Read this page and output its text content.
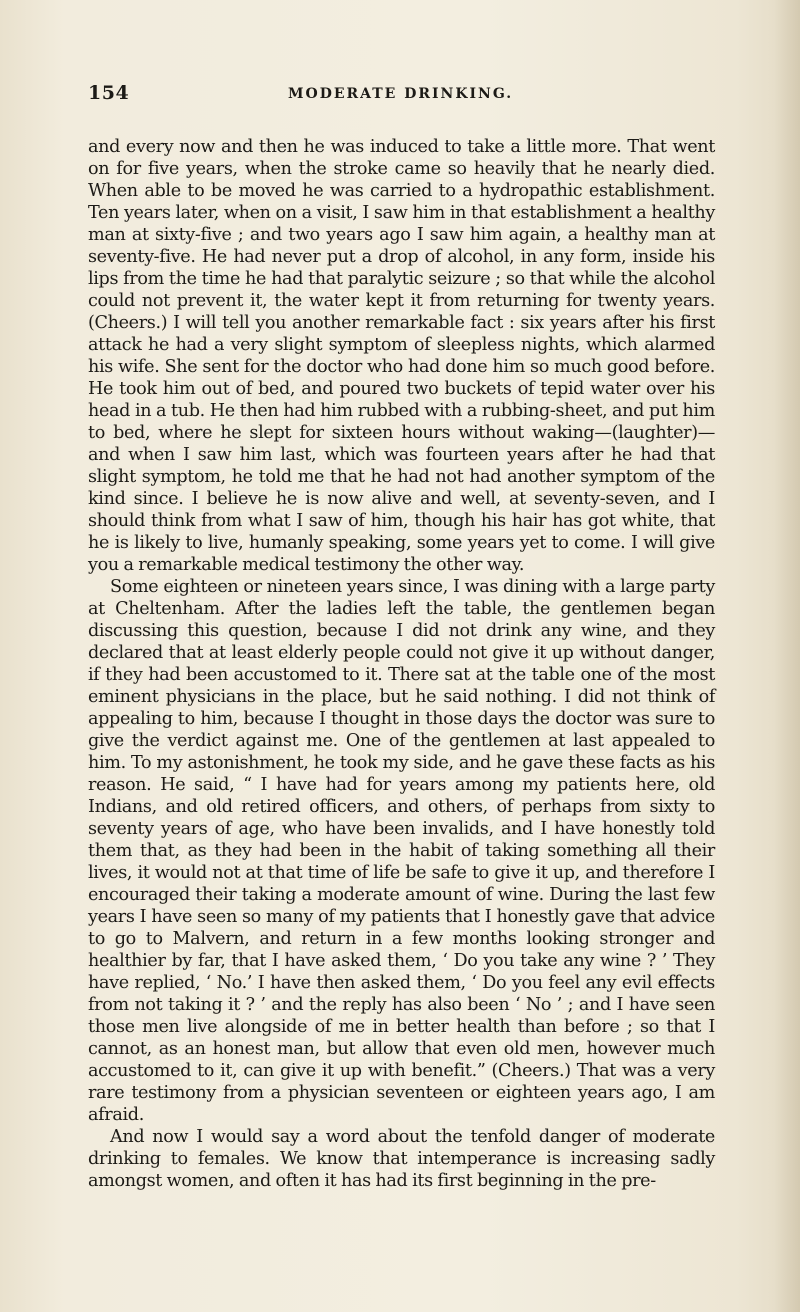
154	MODERATE DRINKING.

and every now and then he was induced to take a little more. That went on for five years, when the stroke came so heavily that he nearly died. When able to be moved he was carried to a hydropathic establishment. Ten years later, when on a visit, I saw him in that establishment a healthy man at sixty-five ; and two years ago I saw him again, a healthy man at seventy-five. He had never put a drop of alcohol, in any form, inside his lips from the time he had that paralytic seizure ; so that while the alcohol could not prevent it, the water kept it from returning for twenty years. (Cheers.) I will tell you another remarkable fact : six years after his first attack he had a very slight symptom of sleepless nights, which alarmed his wife. She sent for the doctor who had done him so much good before. He took him out of bed, and poured two buckets of tepid water over his head in a tub. He then had him rubbed with a rubbing-sheet, and put him to bed, where he slept for sixteen hours without waking—(laughter)—and when I saw him last, which was fourteen years after he had that slight symptom, he told me that he had not had another symptom of the kind since. I believe he is now alive and well, at seventy-seven, and I should think from what I saw of him, though his hair has got white, that he is likely to live, humanly speaking, some years yet to come. I will give you a remarkable medical testimony the other way.

Some eighteen or nineteen years since, I was dining with a large party at Cheltenham. After the ladies left the table, the gentlemen began discussing this question, because I did not drink any wine, and they declared that at least elderly people could not give it up without danger, if they had been accustomed to it. There sat at the table one of the most eminent physicians in the place, but he said nothing. I did not think of appealing to him, because I thought in those days the doctor was sure to give the verdict against me. One of the gentlemen at last appealed to him. To my astonishment, he took my side, and he gave these facts as his reason. He said, “ I have had for years among my patients here, old Indians, and old retired officers, and others, of perhaps from sixty to seventy years of age, who have been invalids, and I have honestly told them that, as they had been in the habit of taking something all their lives, it would not at that time of life be safe to give it up, and therefore I encouraged their taking a moderate amount of wine. During the last few years I have seen so many of my patients that I honestly gave that advice to go to Malvern, and return in a few months looking stronger and healthier by far, that I have asked them, ‘ Do you take any wine ? ’ They have replied, ‘ No.’ I have then asked them, ‘ Do you feel any evil effects from not taking it ? ’ and the reply has also been ‘ No ’ ; and I have seen those men live alongside of me in better health than before ; so that I cannot, as an honest man, but allow that even old men, however much accustomed to it, can give it up with benefit.” (Cheers.) That was a very rare testimony from a physician seventeen or eighteen years ago, I am afraid.

And now I would say a word about the tenfold danger of moderate drinking to females. We know that intemperance is increasing sadly amongst women, and often it has had its first beginning in the pre-
